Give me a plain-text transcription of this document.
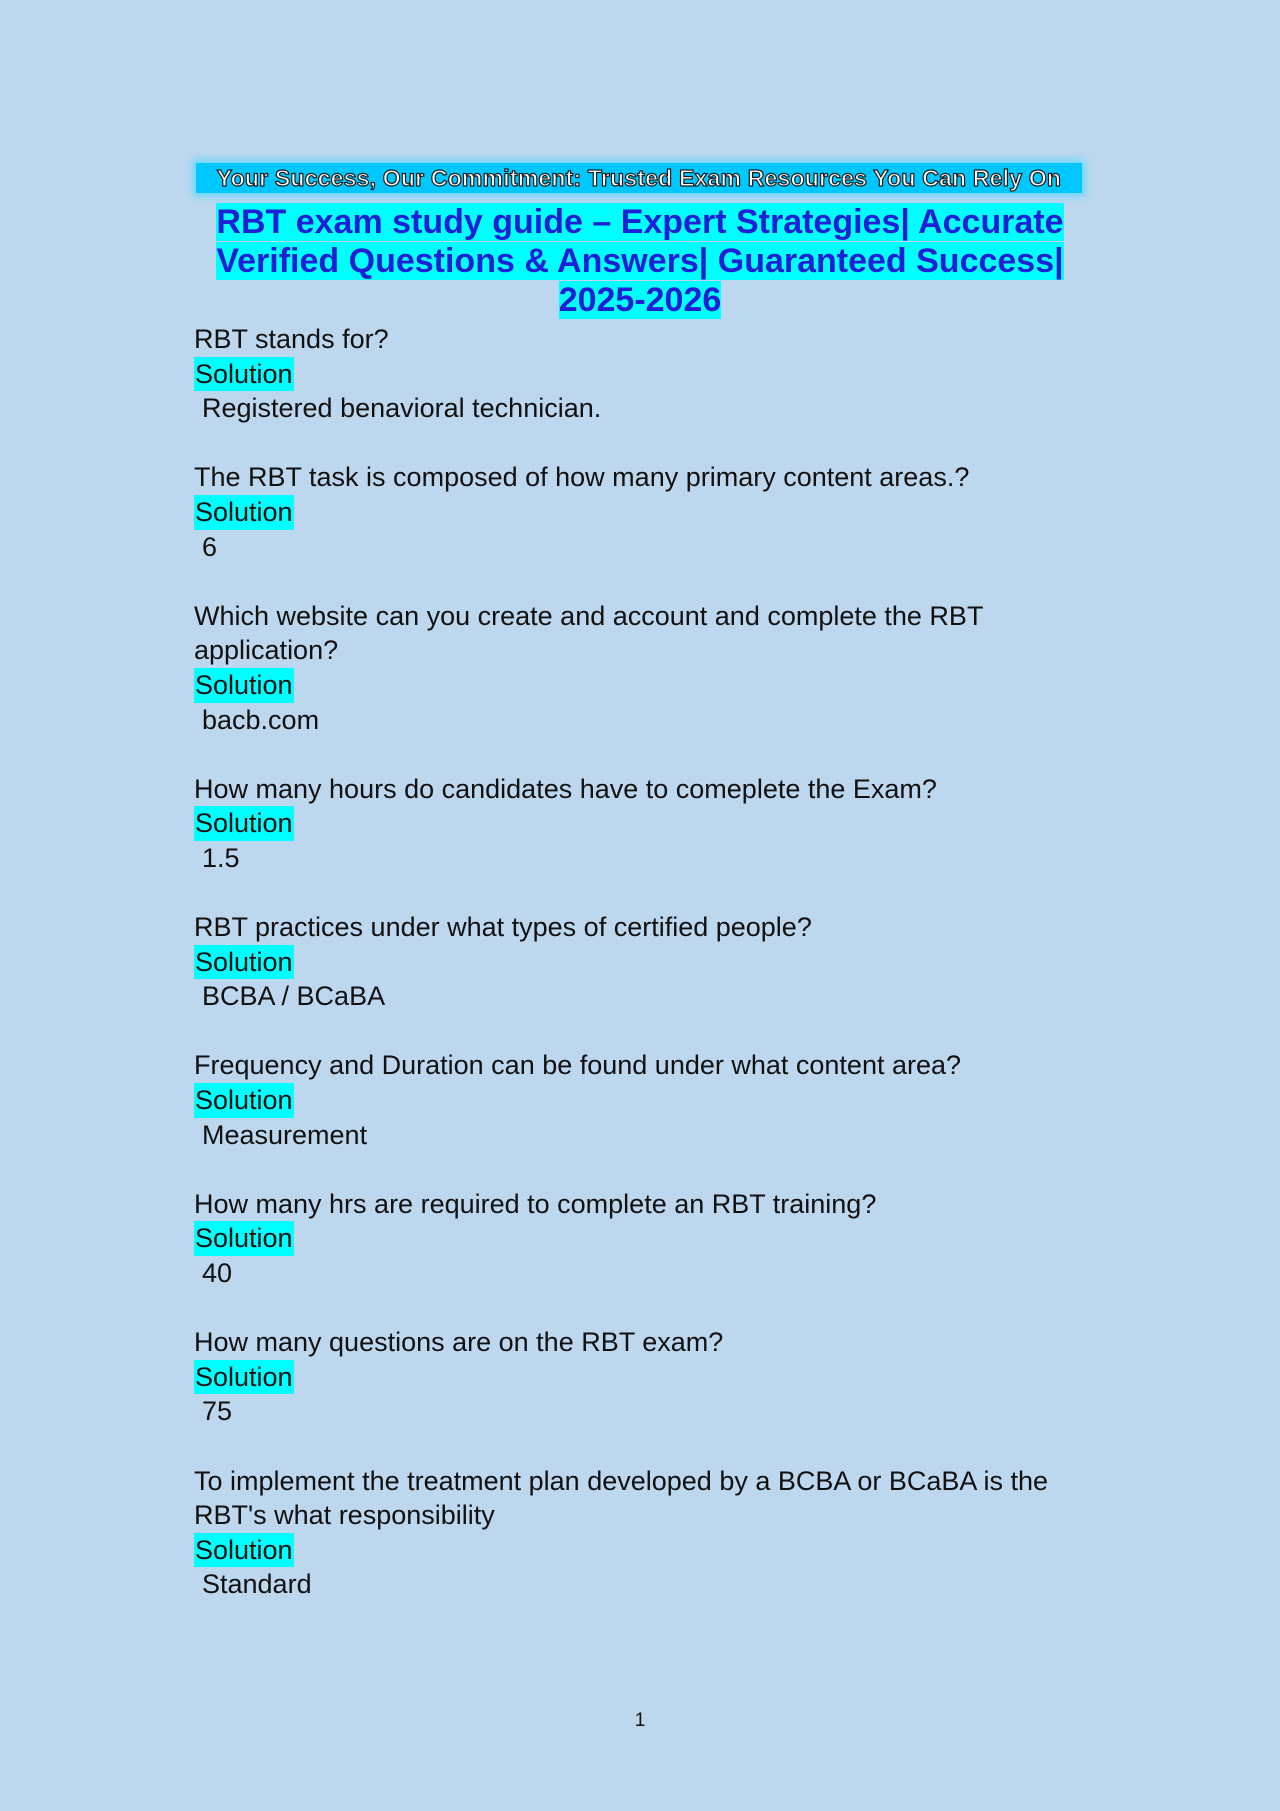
Your Success, Our Commitment: Trusted Exam Resources You Can Rely On
RBT exam study guide – Expert Strategies| Accurate Verified Questions & Answers| Guaranteed Success| 2025-2026
RBT stands for?
Solution
Registered benavioral technician.
The RBT task is composed of how many primary content areas.?
Solution
6
Which website can you create and account and complete the RBT application?
Solution
bacb.com
How many hours do candidates have to comeplete the Exam?
Solution
1.5
RBT practices under what types of certified people?
Solution
BCBA / BCaBA
Frequency and Duration can be found under what content area?
Solution
Measurement
How many hrs are required to complete an RBT training?
Solution
40
How many questions are on the RBT exam?
Solution
75
To implement the treatment plan developed by a BCBA or BCaBA is the RBT's what responsibility
Solution
Standard
1
